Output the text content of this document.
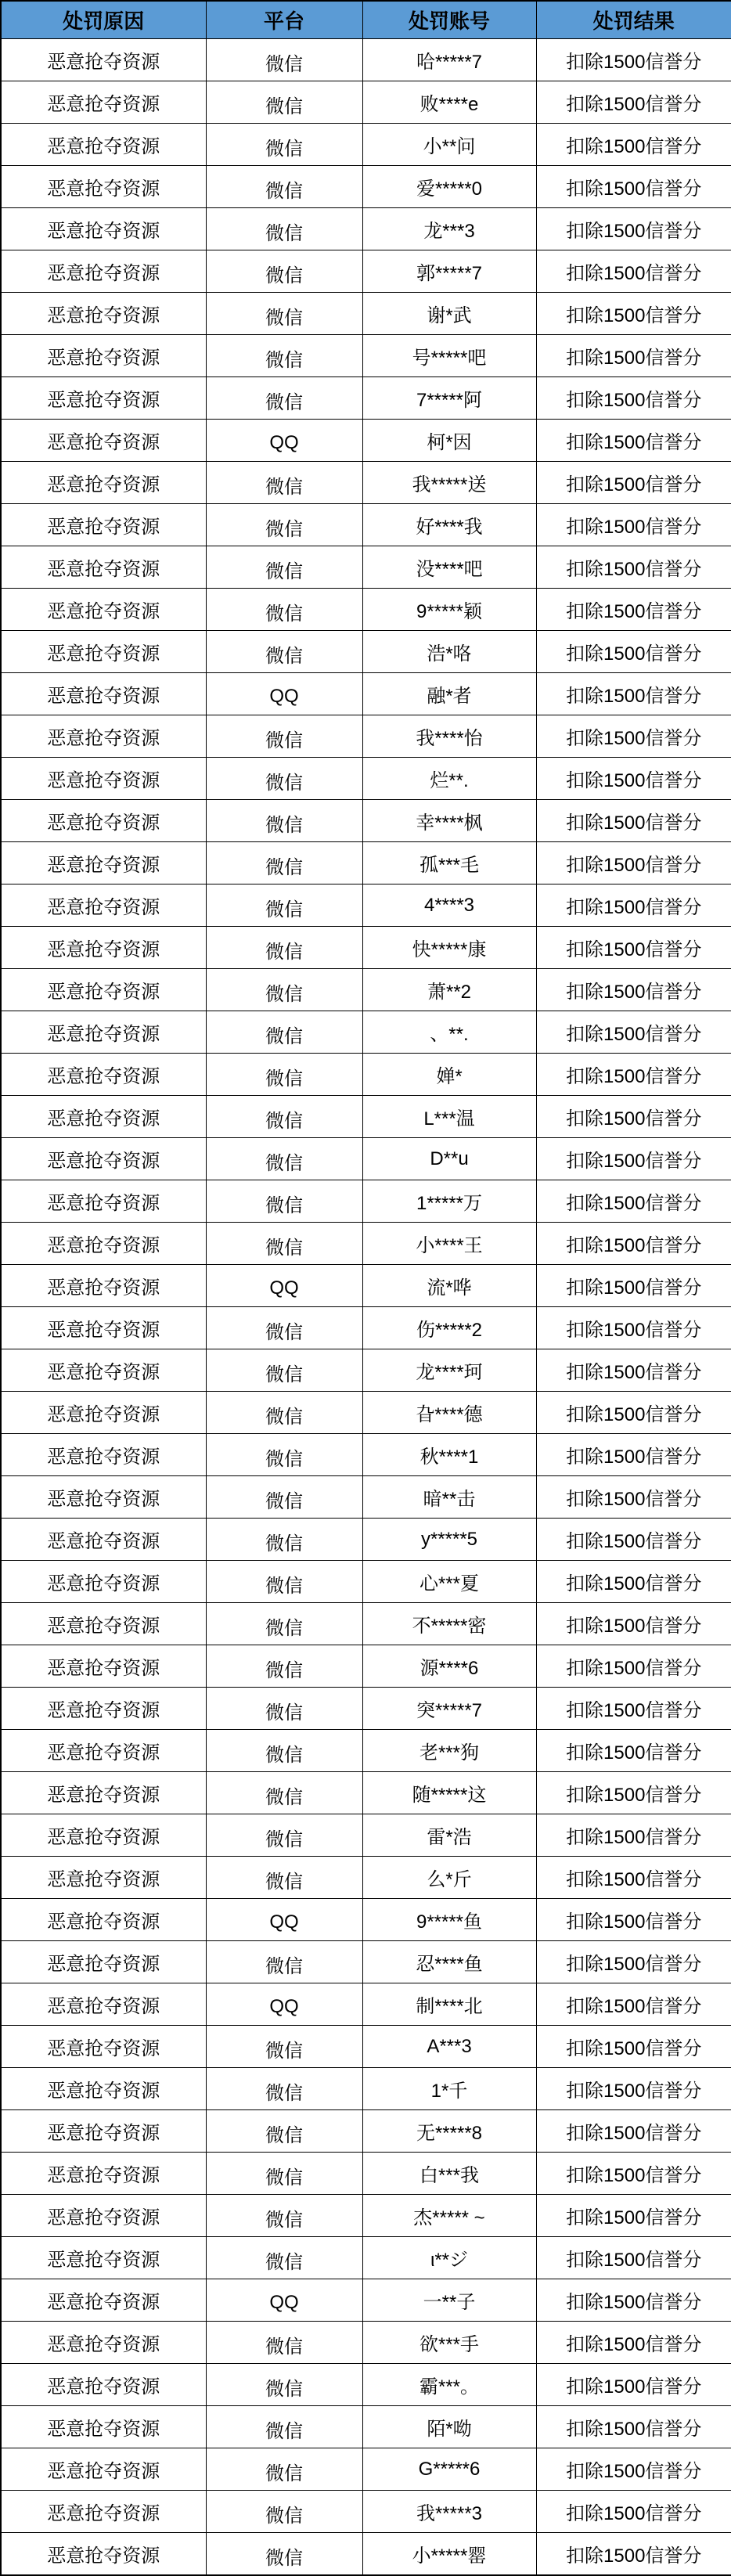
处罚原因	平台	处罚账号	处罚结果
恶意抢夺资源	微信	哈*****7	扣除1500信誉分
恶意抢夺资源	微信	败****e	扣除1500信誉分
恶意抢夺资源	微信	小**问	扣除1500信誉分
恶意抢夺资源	微信	爱*****0	扣除1500信誉分
恶意抢夺资源	微信	龙***3	扣除1500信誉分
恶意抢夺资源	微信	郭*****7	扣除1500信誉分
恶意抢夺资源	微信	谢*武	扣除1500信誉分
恶意抢夺资源	微信	号*****吧	扣除1500信誉分
恶意抢夺资源	微信	7*****阿	扣除1500信誉分
恶意抢夺资源	QQ	柯*因	扣除1500信誉分
恶意抢夺资源	微信	我*****送	扣除1500信誉分
恶意抢夺资源	微信	好****我	扣除1500信誉分
恶意抢夺资源	微信	没****吧	扣除1500信誉分
恶意抢夺资源	微信	9*****颖	扣除1500信誉分
恶意抢夺资源	微信	浩*咯	扣除1500信誉分
恶意抢夺资源	QQ	融*者	扣除1500信誉分
恶意抢夺资源	微信	我****怡	扣除1500信誉分
恶意抢夺资源	微信	烂**.	扣除1500信誉分
恶意抢夺资源	微信	幸****枫	扣除1500信誉分
恶意抢夺资源	微信	孤***毛	扣除1500信誉分
恶意抢夺资源	微信	4****3	扣除1500信誉分
恶意抢夺资源	微信	快*****康	扣除1500信誉分
恶意抢夺资源	微信	萧**2	扣除1500信誉分
恶意抢夺资源	微信	、**.	扣除1500信誉分
恶意抢夺资源	微信	婵*	扣除1500信誉分
恶意抢夺资源	微信	L***温	扣除1500信誉分
恶意抢夺资源	微信	D**u	扣除1500信誉分
恶意抢夺资源	微信	1*****万	扣除1500信誉分
恶意抢夺资源	微信	小****王	扣除1500信誉分
恶意抢夺资源	QQ	流*哗	扣除1500信誉分
恶意抢夺资源	微信	伤*****2	扣除1500信誉分
恶意抢夺资源	微信	龙****珂	扣除1500信誉分
恶意抢夺资源	微信	旮****德	扣除1500信誉分
恶意抢夺资源	微信	秋****1	扣除1500信誉分
恶意抢夺资源	微信	暗**击	扣除1500信誉分
恶意抢夺资源	微信	y*****5	扣除1500信誉分
恶意抢夺资源	微信	心***夏	扣除1500信誉分
恶意抢夺资源	微信	不*****密	扣除1500信誉分
恶意抢夺资源	微信	源****6	扣除1500信誉分
恶意抢夺资源	微信	突*****7	扣除1500信誉分
恶意抢夺资源	微信	老***狗	扣除1500信誉分
恶意抢夺资源	微信	随*****这	扣除1500信誉分
恶意抢夺资源	微信	雷*浩	扣除1500信誉分
恶意抢夺资源	微信	么*斤	扣除1500信誉分
恶意抢夺资源	QQ	9*****鱼	扣除1500信誉分
恶意抢夺资源	微信	忍****鱼	扣除1500信誉分
恶意抢夺资源	QQ	制****北	扣除1500信誉分
恶意抢夺资源	微信	A***3	扣除1500信誉分
恶意抢夺资源	微信	1*千	扣除1500信誉分
恶意抢夺资源	微信	无*****8	扣除1500信誉分
恶意抢夺资源	微信	白***我	扣除1500信誉分
恶意抢夺资源	微信	杰***** ~	扣除1500信誉分
恶意抢夺资源	微信	ι**ジ	扣除1500信誉分
恶意抢夺资源	QQ	一**子	扣除1500信誉分
恶意抢夺资源	微信	欲***手	扣除1500信誉分
恶意抢夺资源	微信	霸***。	扣除1500信誉分
恶意抢夺资源	微信	陌*呦	扣除1500信誉分
恶意抢夺资源	微信	G*****6	扣除1500信誉分
恶意抢夺资源	微信	我*****3	扣除1500信誉分
恶意抢夺资源	微信	小*****罂	扣除1500信誉分
